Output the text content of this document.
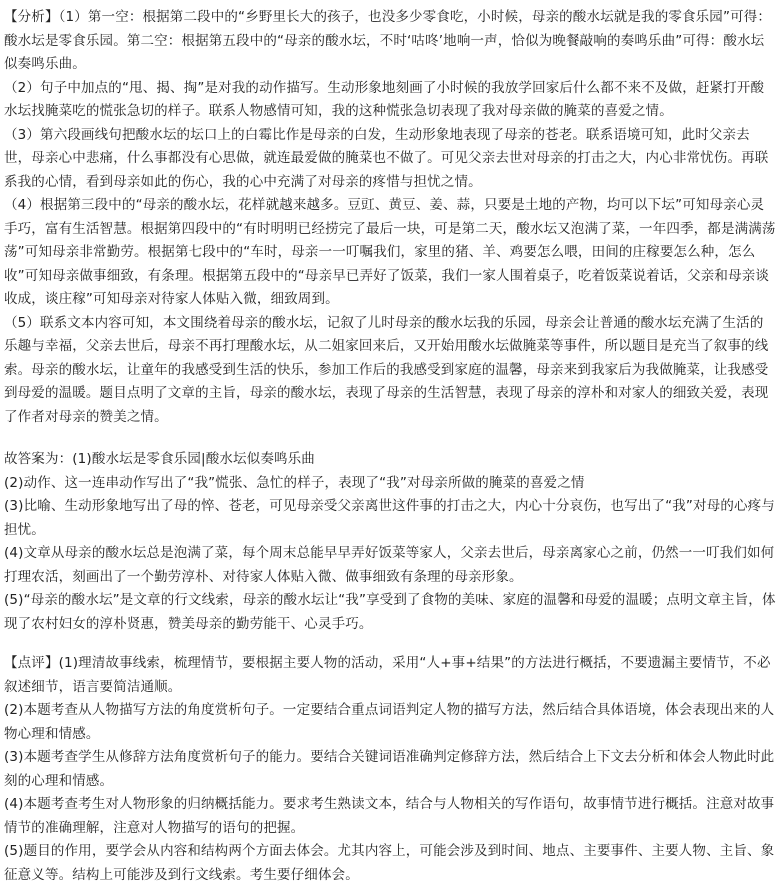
【分析】（1）第一空：根据第二段中的“乡野里长大的孩子，也没多少零食吃，小时候，母亲的酸水坛就是我的零食乐园”可得：酸水坛是零食乐园。第二空：根据第五段中的“母亲的酸水坛，不时‘咕咚’地响一声，恰似为晚餐敲响的奏鸣乐曲”可得：酸水坛似奏鸣乐曲。

（2）句子中加点的“甩、揭、掏”是对我的动作描写。生动形象地刻画了小时候的我放学回家后什么都不来不及做，赶紧打开酸水坛找腌菜吃的慌张急切的样子。联系人物感情可知，我的这种慌张急切表现了我对母亲做的腌菜的喜爱之情。

（3）第六段画线句把酸水坛的坛口上的白霉比作是母亲的白发，生动形象地表现了母亲的苍老。联系语境可知，此时父亲去世，母亲心中悲痛，什么事都没有心思做，就连最爱做的腌菜也不做了。可见父亲去世对母亲的打击之大，内心非常忧伤。再联系我的心情，看到母亲如此的伤心，我的心中充满了对母亲的疼惜与担忧之情。

（4）根据第三段中的“母亲的酸水坛，花样就越来越多。豆豇、黄豆、姜、蒜，只要是土地的产物，均可以下坛”可知母亲心灵手巧，富有生活智慧。根据第四段中的“有时明明已经捞完了最后一块，可是第二天，酸水坛又泡满了菜，一年四季，都是满满荡荡”可知母亲非常勤劳。根据第七段中的“车时，母亲一一叮嘱我们，家里的猪、羊、鸡要怎么喂，田间的庄稼要怎么种，怎么收”可知母亲做事细致，有条理。根据第五段中的“母亲早已弄好了饭菜，我们一家人围着桌子，吃着饭菜说着话，父亲和母亲谈收成，谈庄稼”可知母亲对待家人体贴入微，细致周到。

（5）联系文本内容可知，本文围绕着母亲的酸水坛，记叙了儿时母亲的酸水坛我的乐园，母亲会让普通的酸水坛充满了生活的乐趣与幸福，父亲去世后，母亲不再打理酸水坛，从二姐家回来后，又开始用酸水坛做腌菜等事件，所以题目是充当了叙事的线索。母亲的酸水坛，让童年的我感受到生活的快乐，参加工作后的我感受到家庭的温馨，母亲来到我家后为我做腌菜，让我感受到母爱的温暖。题目点明了文章的主旨，母亲的酸水坛，表现了母亲的生活智慧，表现了母亲的淳朴和对家人的细致关爱，表现了作者对母亲的赞美之情。

故答案为：(1)酸水坛是零食乐园|酸水坛似奏鸣乐曲

(2)动作、这一连串动作写出了“我”慌张、急忙的样子，表现了“我”对母亲所做的腌菜的喜爱之情

(3)比喻、生动形象地写出了母的悴、苍老，可见母亲受父亲离世这件事的打击之大，内心十分哀伤，也写出了“我”对母的心疼与担忧。

(4)文章从母亲的酸水坛总是泡满了菜，每个周末总能早早弄好饭菜等家人，父亲去世后，母亲离家心之前，仍然一一叮我们如何打理农活，刻画出了一个勤劳淳朴、对待家人体贴入微、做事细致有条理的母亲形象。

(5)“母亲的酸水坛”是文章的行文线索，母亲的酸水坛让“我”享受到了食物的美味、家庭的温馨和母爱的温暖；点明文章主旨，体现了农村妇女的淳朴贤惠，赞美母亲的勤劳能干、心灵手巧。

【点评】(1)理清故事线索，梳理情节，要根据主要人物的活动，采用“人+事+结果”的方法进行概括，不要遗漏主要情节，不必叙述细节，语言要简洁通顺。

(2)本题考查从人物描写方法的角度赏析句子。一定要结合重点词语判定人物的描写方法，然后结合具体语境，体会表现出来的人物心理和情感。

(3)本题考查学生从修辞方法角度赏析句子的能力。要结合关键词语准确判定修辞方法，然后结合上下文去分析和体会人物此时此刻的心理和情感。

(4)本题考查考生对人物形象的归纳概括能力。要求考生熟读文本，结合与人物相关的写作语句，故事情节进行概括。注意对故事情节的准确理解，注意对人物描写的语句的把握。

(5)题目的作用，要学会从内容和结构两个方面去体会。尤其内容上，可能会涉及到时间、地点、主要事件、主要人物、主旨、象征意义等。结构上可能涉及到行文线索。考生要仔细体会。
